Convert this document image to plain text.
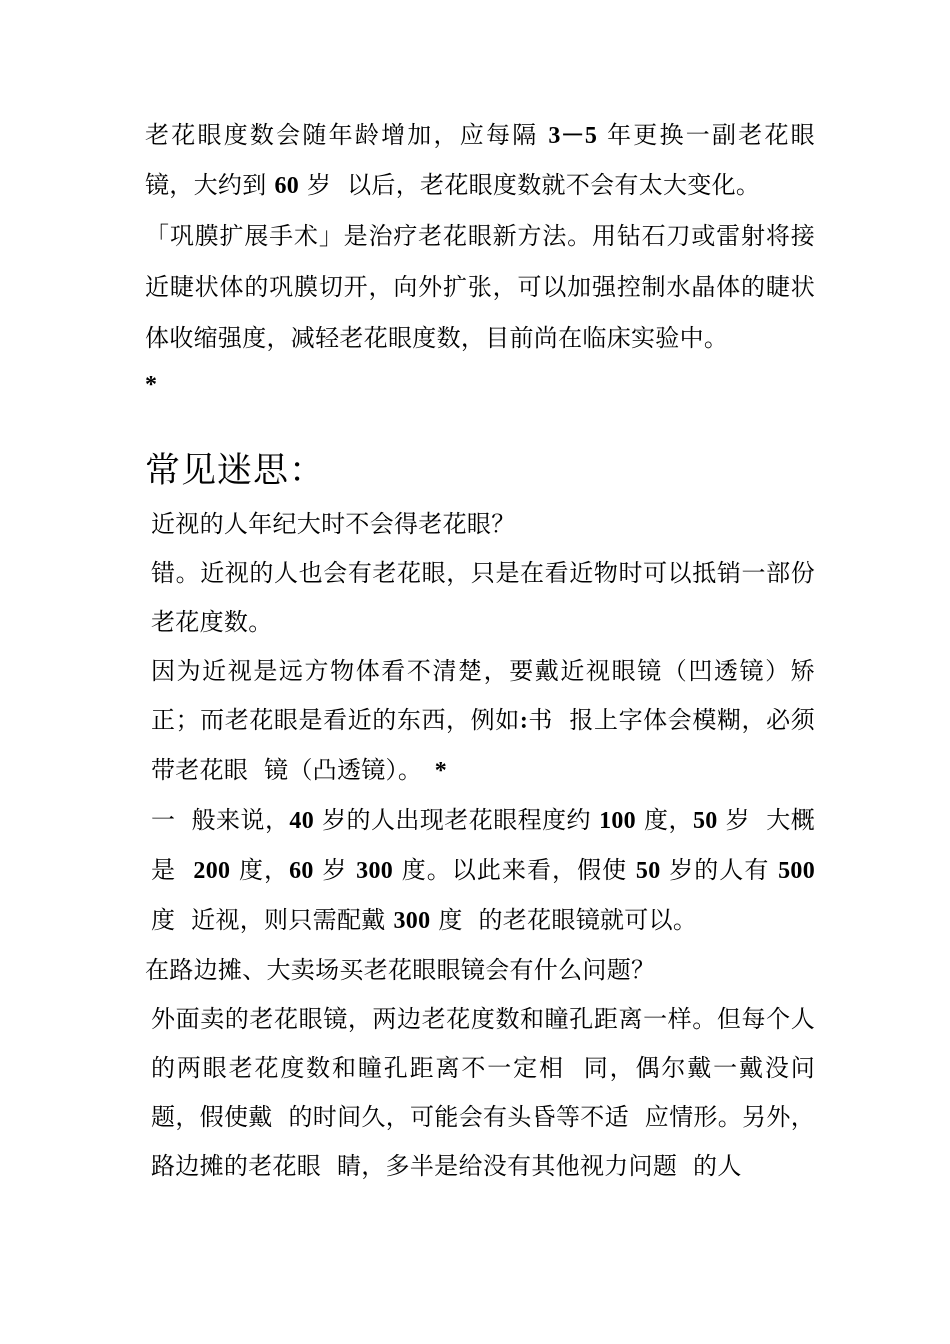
老花眼度数会随年龄增加，应每隔 3－5 年更换一副老花眼镜，大约到 60 岁  以后，老花眼度数就不会有太大变化。

「巩膜扩展手术」是治疗老花眼新方法。用钻石刀或雷射将接近睫状体的巩膜切开，向外扩张，可以加强控制水晶体的睫状体收缩强度，减轻老花眼度数，目前尚在临床实验中。

*

常见迷思：

近视的人年纪大时不会得老花眼？

错。近视的人也会有老花眼，只是在看近物时可以抵销一部份老花度数。

因为近视是远方物体看不清楚，要戴近视眼镜（凹透镜）矫正；而老花眼是看近的东西，例如:书  报上字体会模糊，必须带老花眼  镜（凸透镜）。  *

一  般来说，40 岁的人出现老花眼程度约 100 度，50 岁  大概是  200 度，60 岁 300 度。以此来看，假使 50 岁的人有 500 度  近视，则只需配戴 300 度  的老花眼镜就可以。

在路边摊、大卖场买老花眼眼镜会有什么问题？

外面卖的老花眼镜，两边老花度数和瞳孔距离一样。但每个人的两眼老花度数和瞳孔距离不一定相  同，偶尔戴一戴没问题，假使戴  的时间久，可能会有头昏等不适  应情形。另外，路边摊的老花眼  睛，多半是给没有其他视力问题  的人
